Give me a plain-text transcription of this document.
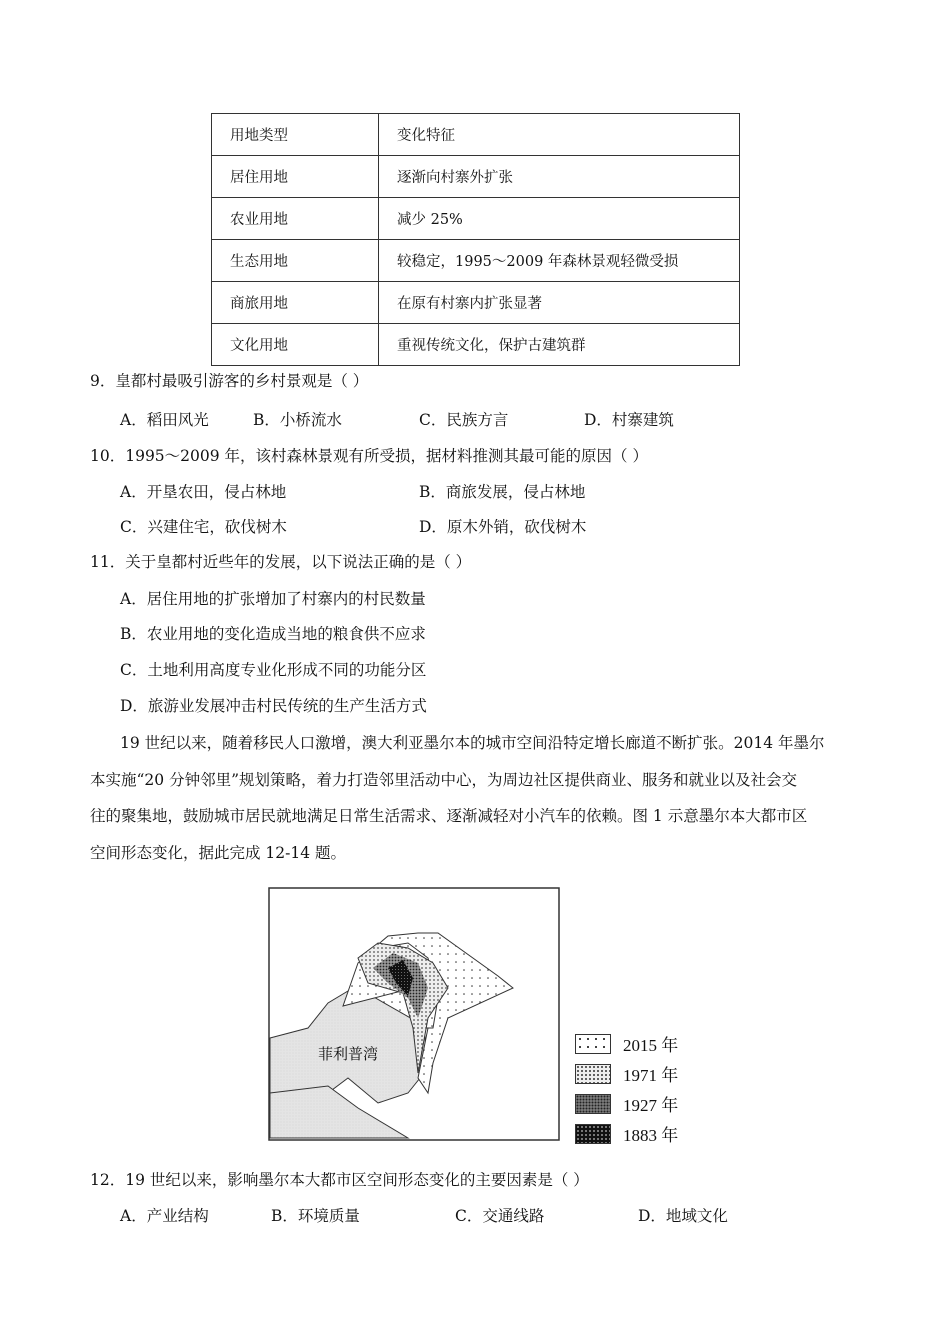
用地类型	变化特征
居住用地	逐渐向村寨外扩张
农业用地	减少 25%
生态用地	较稳定，1995～2009 年森林景观轻微受损
商旅用地	在原有村寨内扩张显著
文化用地	重视传统文化，保护古建筑群
9．皇都村最吸引游客的乡村景观是（ ）
A．稻田风光	B．小桥流水	C．民族方言	D．村寨建筑
10．1995～2009 年，该村森林景观有所受损，据材料推测其最可能的原因（ ）
A．开垦农田，侵占林地	B．商旅发展，侵占林地
C．兴建住宅，砍伐树木	D．原木外销，砍伐树木
11．关于皇都村近些年的发展，以下说法正确的是（ ）
A．居住用地的扩张增加了村寨内的村民数量
B．农业用地的变化造成当地的粮食供不应求
C．土地利用高度专业化形成不同的功能分区
D．旅游业发展冲击村民传统的生产生活方式
19 世纪以来，随着移民人口激增，澳大利亚墨尔本的城市空间沿特定增长廊道不断扩张。2014 年墨尔
本实施“20 分钟邻里”规划策略，着力打造邻里活动中心，为周边社区提供商业、服务和就业以及社会交
往的聚集地，鼓励城市居民就地满足日常生活需求、逐渐减轻对小汽车的依赖。图 1 示意墨尔本大都市区
空间形态变化，据此完成 12-14 题。
菲利普湾	2015 年
1971 年
1927 年
1883 年
12．19 世纪以来，影响墨尔本大都市区空间形态变化的主要因素是（ ）
A．产业结构	B．环境质量	C．交通线路	D．地域文化
